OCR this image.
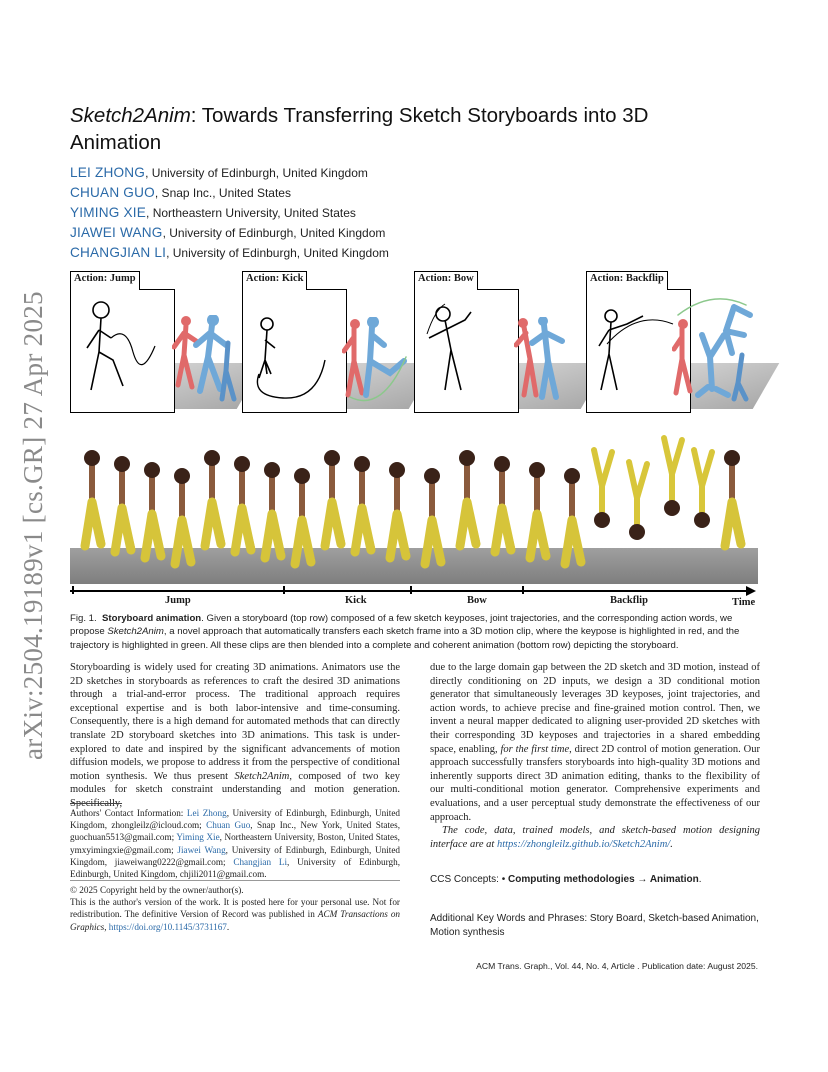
Sketch2Anim: Towards Transferring Sketch Storyboards into 3D Animation
LEI ZHONG, University of Edinburgh, United Kingdom
CHUAN GUO, Snap Inc., United States
YIMING XIE, Northeastern University, United States
JIAWEI WANG, University of Edinburgh, United Kingdom
CHANGJIAN LI, University of Edinburgh, United Kingdom
arXiv:2504.19189v1 [cs.GR] 27 Apr 2025
Action: Jump	Action: Kick	Action: Bow	Action: Backflip
Jump	Kick	Bow	Backflip	Time
Fig. 1. Storyboard animation. Given a storyboard (top row) composed of a few sketch keyposes, joint trajectories, and the corresponding action words, we propose Sketch2Anim, a novel approach that automatically transfers each sketch frame into a 3D motion clip, where the keypose is highlighted in red, and the trajectory is highlighted in green. All these clips are then blended into a complete and coherent animation (bottom row) depicting the storyboard.

Storyboarding is widely used for creating 3D animations. Animators use the 2D sketches in storyboards as references to craft the desired 3D animations through a trial-and-error process. The traditional approach requires exceptional expertise and is both labor-intensive and time-consuming. Consequently, there is a high demand for automated methods that can directly translate 2D storyboard sketches into 3D animations. This task is under-explored to date and inspired by the significant advancements of motion diffusion models, we propose to address it from the perspective of conditional motion synthesis. We thus present Sketch2Anim, composed of two key modules for sketch constraint understanding and motion generation.

Authors' Contact Information: Lei Zhong, University of Edinburgh, Edinburgh, United Kingdom, zhongleilz@icloud.com; Chuan Guo, Snap Inc., New York, United States, guochuan5513@gmail.com; Yiming Xie, Northeastern University, Boston, United States, ymxyimingxie@gmail.com; Jiawei Wang, University of Edinburgh, Edinburgh, United Kingdom, jiaweiwang0222@gmail.com; Changjian Li, University of Edinburgh, Edinburgh, United Kingdom, chjili2011@gmail.com.
© 2025 Copyright held by the owner/author(s).
This is the author's version of the work. It is posted here for your personal use. Not for redistribution. The definitive Version of Record was published in ACM Transactions on Graphics, https://doi.org/10.1145/3731167.

due to the large domain gap between the 2D sketch and 3D motion, instead of directly conditioning on 2D inputs, we design a 3D conditional motion generator that simultaneously leverages 3D keyposes, joint trajectories, and action words, to achieve precise and fine-grained motion control. Then, we invent a neural mapper dedicated to aligning user-provided 2D sketches with their corresponding 3D keyposes and trajectories in a shared embedding space, enabling, for the first time, direct 2D control of motion generation. Our approach successfully transfers storyboards into high-quality 3D motions and inherently supports direct 3D animation editing, thanks to the flexibility of our multi-conditional motion generator. Comprehensive experiments and evaluations, and a user perceptual study demonstrate the effectiveness of our approach.

The code, data, trained models, and sketch-based motion designing interface are at https://zhongleilz.github.io/Sketch2Anim/.

CCS Concepts: • Computing methodologies → Animation.
Additional Key Words and Phrases: Story Board, Sketch-based Animation, Motion synthesis
ACM Trans. Graph., Vol. 44, No. 4, Article . Publication date: August 2025.
